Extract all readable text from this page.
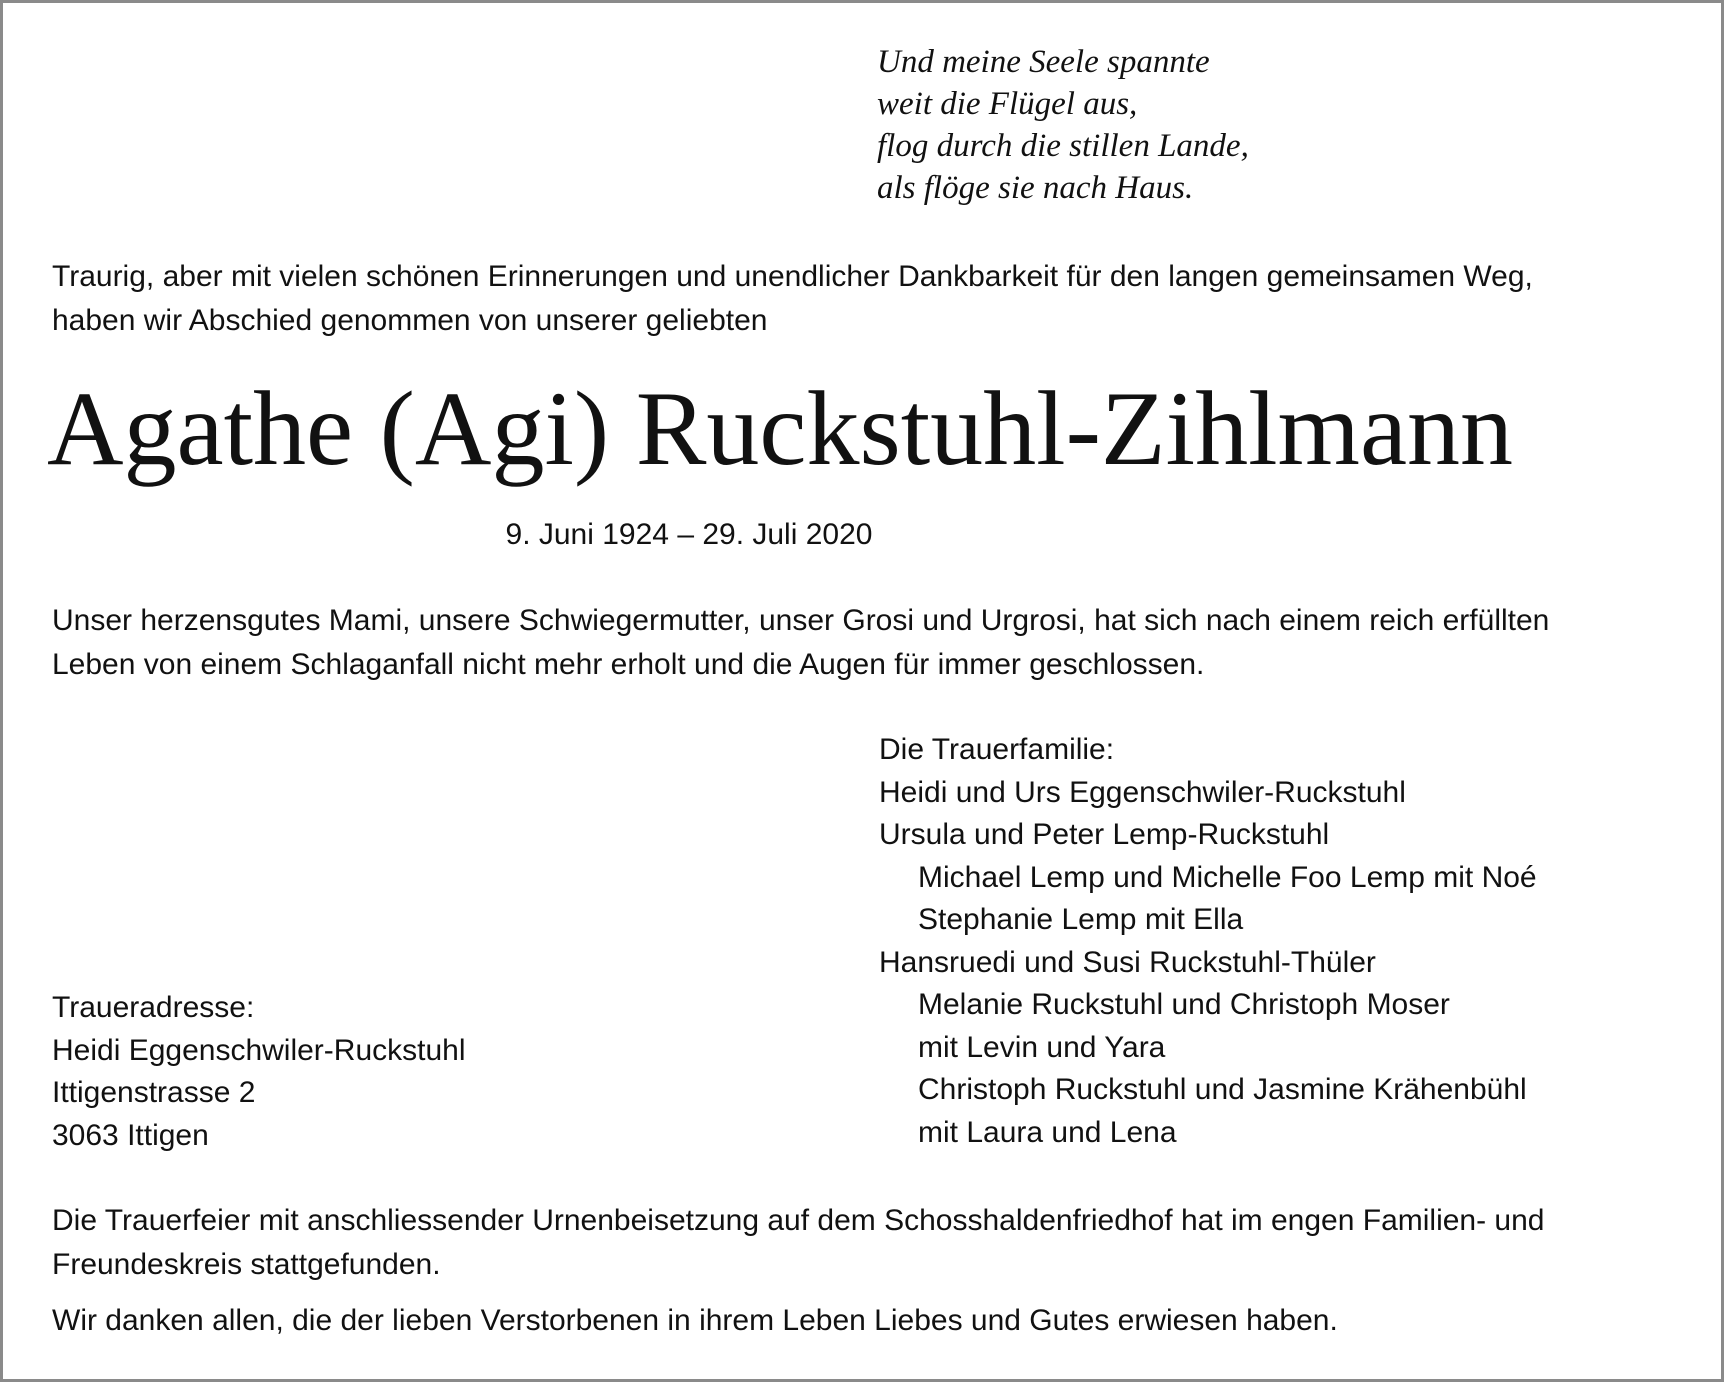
Und meine Seele spannte
weit die Flügel aus,
flog durch die stillen Lande,
als flöge sie nach Haus.
Traurig, aber mit vielen schönen Erinnerungen und unendlicher Dankbarkeit für den langen gemeinsamen Weg,
haben wir Abschied genommen von unserer geliebten
Agathe (Agi) Ruckstuhl-Zihlmann
9. Juni 1924 – 29. Juli 2020
Unser herzensgutes Mami, unsere Schwiegermutter, unser Grosi und Urgrosi, hat sich nach einem reich erfüllten
Leben von einem Schlaganfall nicht mehr erholt und die Augen für immer geschlossen.
Die Trauerfamilie:
Heidi und Urs Eggenschwiler-Ruckstuhl
Ursula und Peter Lemp-Ruckstuhl
Michael Lemp und Michelle Foo Lemp mit Noé
Stephanie Lemp mit Ella
Hansruedi und Susi Ruckstuhl-Thüler
Melanie Ruckstuhl und Christoph Moser
mit Levin und Yara
Christoph Ruckstuhl und Jasmine Krähenbühl
mit Laura und Lena
Traueradresse:
Heidi Eggenschwiler-Ruckstuhl
Ittigenstrasse 2
3063 Ittigen
Die Trauerfeier mit anschliessender Urnenbeisetzung auf dem Schosshaldenfriedhof hat im engen Familien- und
Freundeskreis stattgefunden.
Wir danken allen, die der lieben Verstorbenen in ihrem Leben Liebes und Gutes erwiesen haben.
